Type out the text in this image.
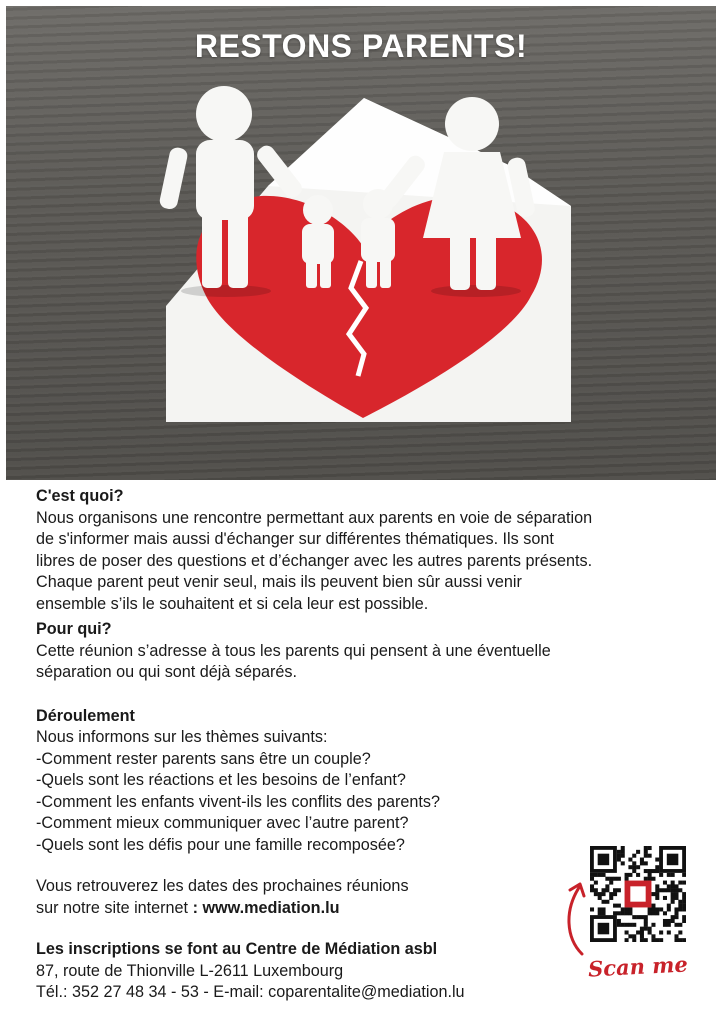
RESTONS PARENTS!
C'est quoi?

Nous organisons une rencontre permettant aux parents en voie de séparation

de s'informer mais aussi d'échanger sur différentes thématiques. Ils sont

libres de poser des questions et d’échanger avec les autres parents présents.

Chaque parent peut venir seul, mais ils peuvent bien sûr aussi venir

ensemble s’ils le souhaitent et si cela leur est possible.

Pour qui?

Cette réunion s’adresse à tous les parents qui pensent à une éventuelle

séparation ou qui sont déjà séparés.

Déroulement

Nous informons sur les thèmes suivants:

-Comment rester parents sans être un couple?
-Quels sont les réactions et les besoins de l’enfant?
-Comment les enfants vivent-ils les conflits des parents?
-Comment mieux communiquer avec l’autre parent?
-Quels sont les défis pour une famille recomposée?

Vous retrouverez les dates des prochaines réunions

sur notre site internet : www.mediation.lu

Les inscriptions se font au Centre de Médiation asbl

87, route de Thionville L-2611 Luxembourg

Tél.: 352 27 48 34 - 53 - E-mail: coparentalite@mediation.lu

Scan me
